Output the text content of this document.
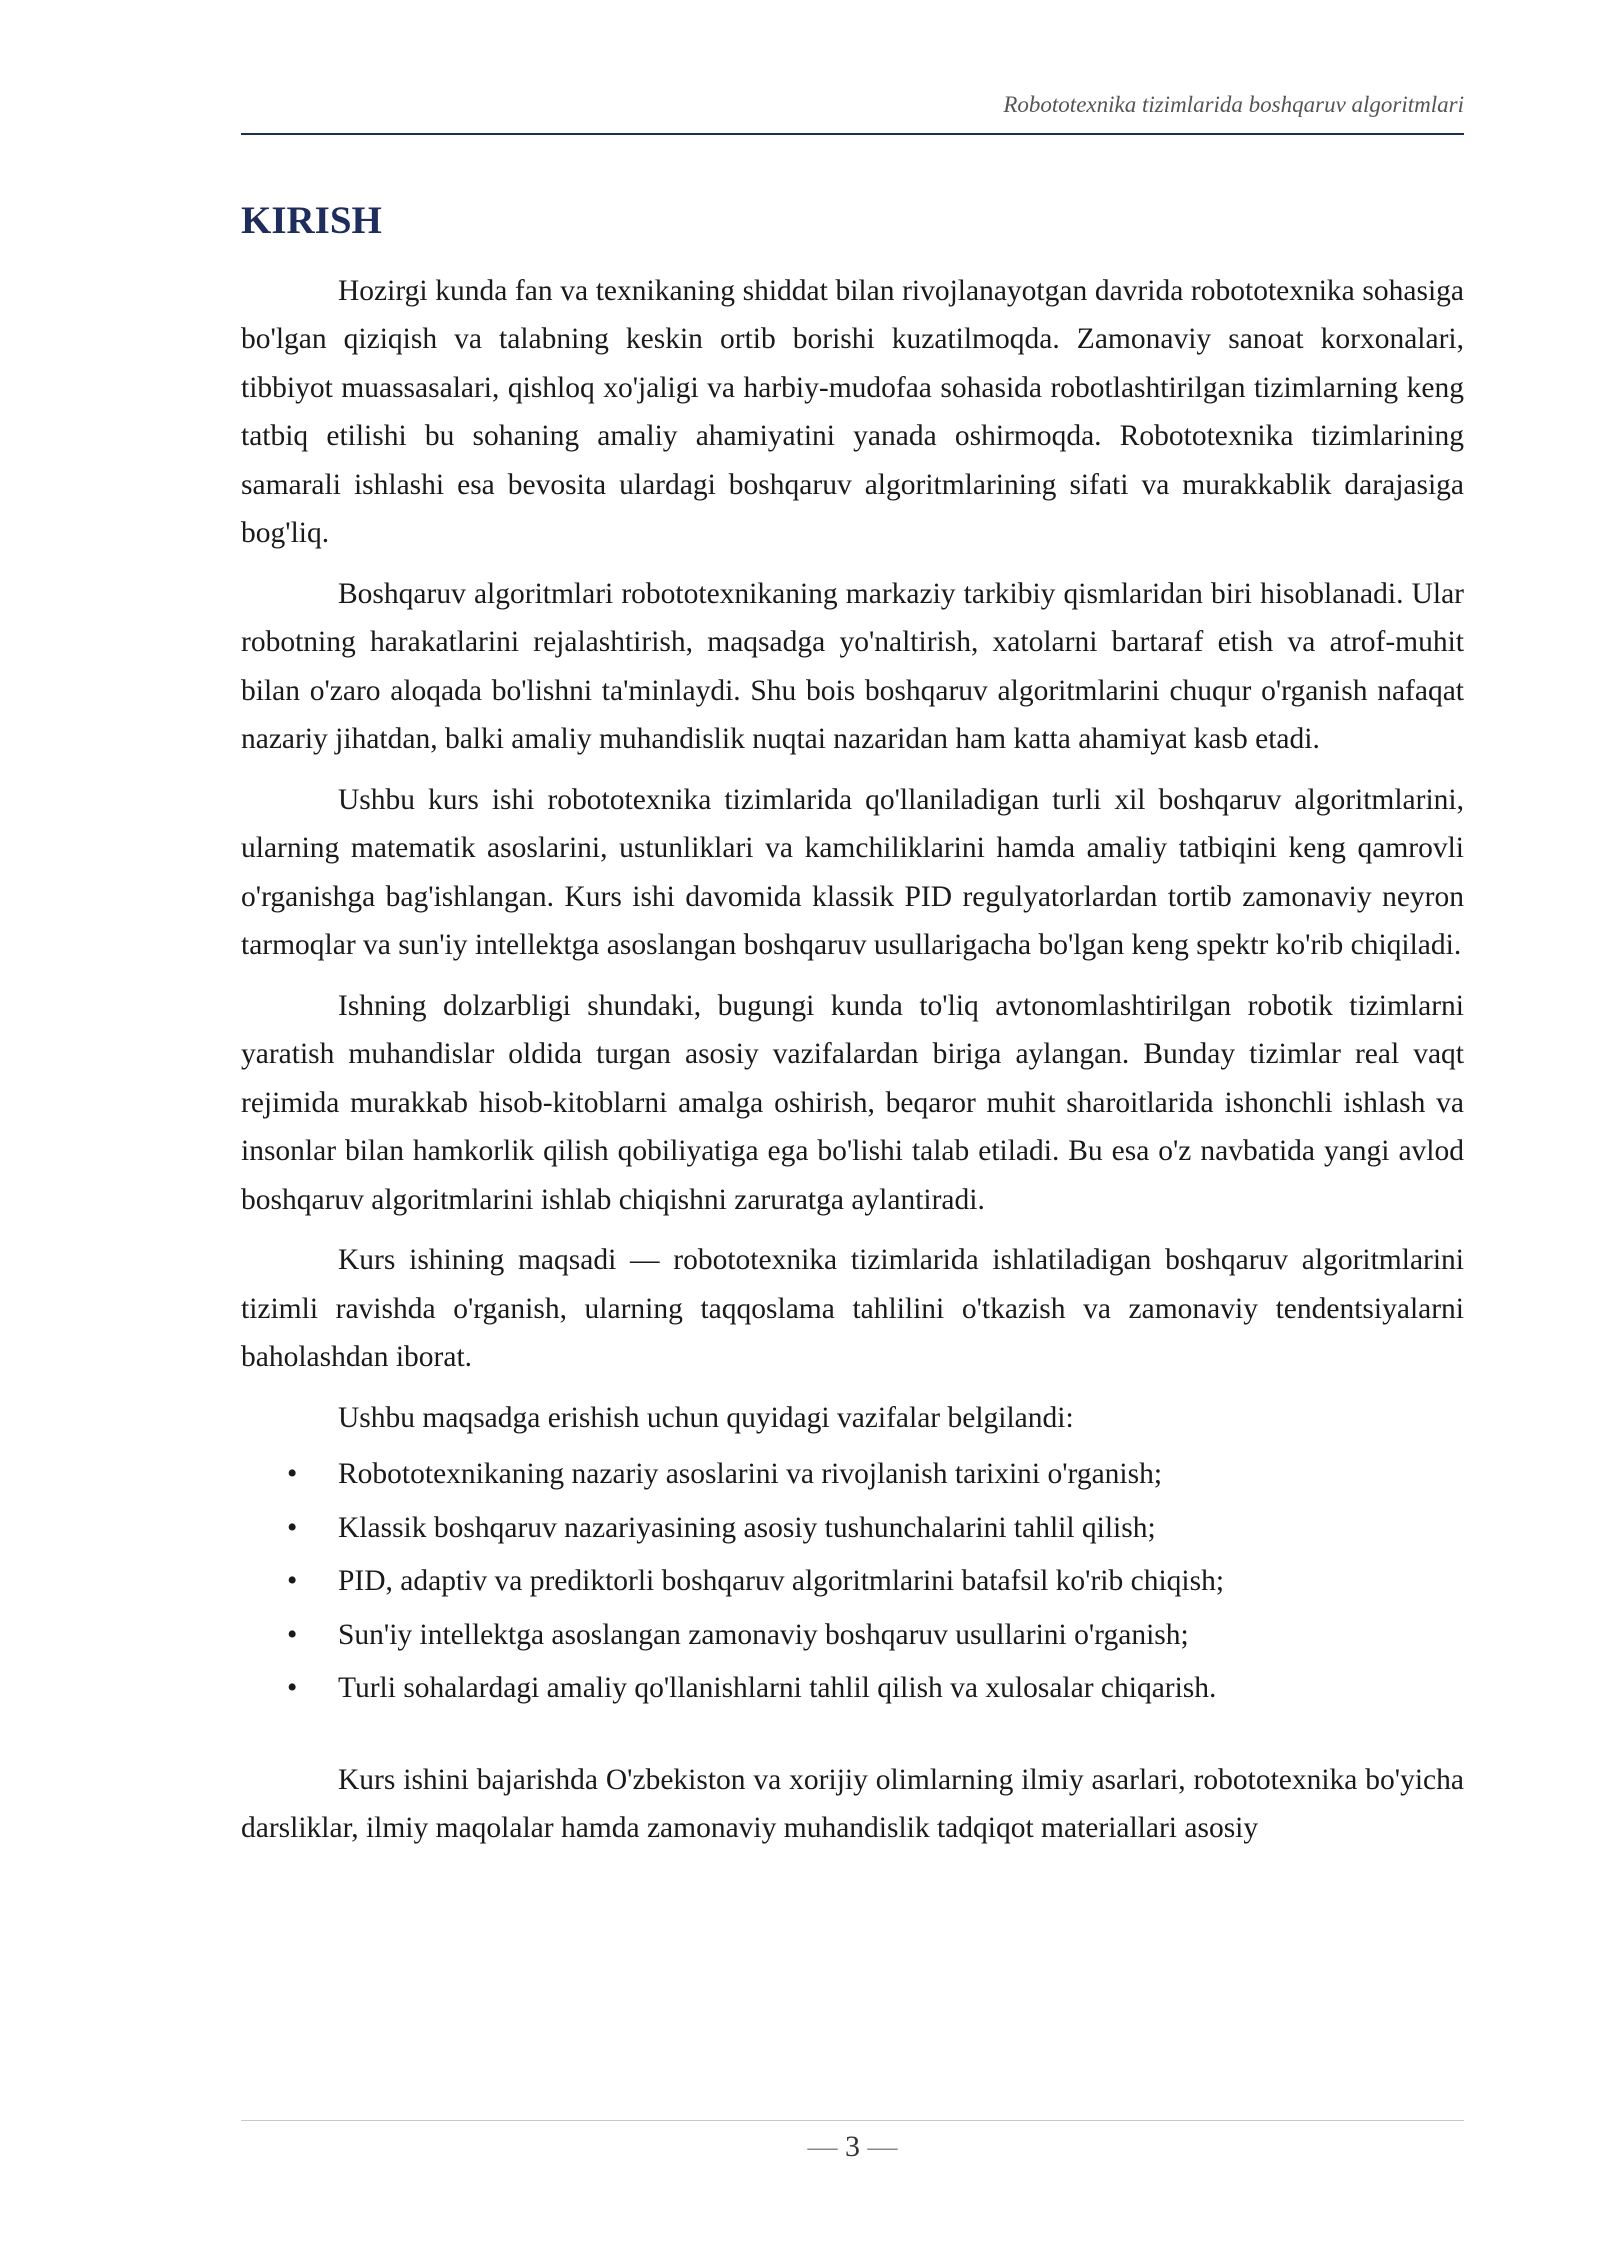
Robototexnika tizimlarida boshqaruv algoritmlari
KIRISH

Hozirgi kunda fan va texnikaning shiddat bilan rivojlanayotgan davrida robototexnika sohasiga bo'lgan qiziqish va talabning keskin ortib borishi kuzatilmoqda. Zamonaviy sanoat korxonalari, tibbiyot muassasalari, qishloq xo'jaligi va harbiy-mudofaa sohasida robotlashtirilgan tizimlarning keng tatbiq etilishi bu sohaning amaliy ahamiyatini yanada oshirmoqda. Robototexnika tizimlarining samarali ishlashi esa bevosita ulardagi boshqaruv algoritmlarining sifati va murakkablik darajasiga bog'liq.

Boshqaruv algoritmlari robototexnikaning markaziy tarkibiy qismlaridan biri hisoblanadi. Ular robotning harakatlarini rejalashtirish, maqsadga yo'naltirish, xatolarni bartaraf etish va atrof-muhit bilan o'zaro aloqada bo'lishni ta'minlaydi. Shu bois boshqaruv algoritmlarini chuqur o'rganish nafaqat nazariy jihatdan, balki amaliy muhandislik nuqtai nazaridan ham katta ahamiyat kasb etadi.

Ushbu kurs ishi robototexnika tizimlarida qo'llaniladigan turli xil boshqaruv algoritmlarini, ularning matematik asoslarini, ustunliklari va kamchiliklarini hamda amaliy tatbiqini keng qamrovli o'rganishga bag'ishlangan. Kurs ishi davomida klassik PID regulyatorlardan tortib zamonaviy neyron tarmoqlar va sun'iy intellektga asoslangan boshqaruv usullarigacha bo'lgan keng spektr ko'rib chiqiladi.

Ishning dolzarbligi shundaki, bugungi kunda to'liq avtonomlashtirilgan robotik tizimlarni yaratish muhandislar oldida turgan asosiy vazifalardan biriga aylangan. Bunday tizimlar real vaqt rejimida murakkab hisob-kitoblarni amalga oshirish, beqaror muhit sharoitlarida ishonchli ishlash va insonlar bilan hamkorlik qilish qobiliyatiga ega bo'lishi talab etiladi. Bu esa o'z navbatida yangi avlod boshqaruv algoritmlarini ishlab chiqishni zaruratga aylantiradi.

Kurs ishining maqsadi — robototexnika tizimlarida ishlatiladigan boshqaruv algoritmlarini tizimli ravishda o'rganish, ularning taqqoslama tahlilini o'tkazish va zamonaviy tendentsiyalarni baholashdan iborat.

Ushbu maqsadga erishish uchun quyidagi vazifalar belgilandi:

• Robototexnikaning nazariy asoslarini va rivojlanish tarixini o'rganish;
• Klassik boshqaruv nazariyasining asosiy tushunchalarini tahlil qilish;
• PID, adaptiv va prediktorli boshqaruv algoritmlarini batafsil ko'rib chiqish;
• Sun'iy intellektga asoslangan zamonaviy boshqaruv usullarini o'rganish;
• Turli sohalardagi amaliy qo'llanishlarni tahlil qilish va xulosalar chiqarish.

Kurs ishini bajarishda O'zbekiston va xorijiy olimlarning ilmiy asarlari, robototexnika bo'yicha darsliklar, ilmiy maqolalar hamda zamonaviy muhandislik tadqiqot materiallari asosiy

— 3 —
